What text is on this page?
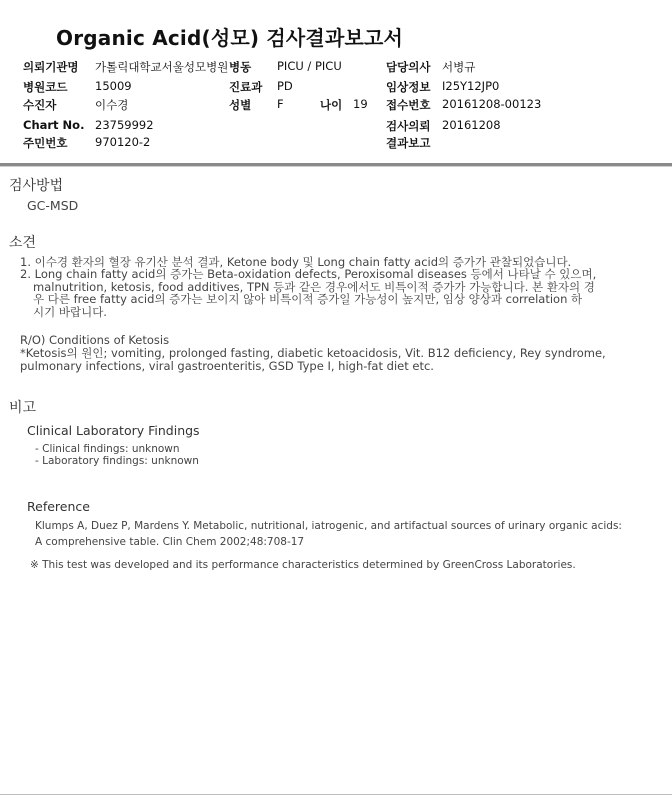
Organic Acid(성모) 검사결과보고서
의뢰기관명 가톨릭대학교서울성모병원 병동 PICU / PICU	담당의사 서병규
병원코드 15009	진료과 PD	임상정보 I25Y12JP0
수진자	이수경	성별 F	나이 19 접수번호 20161208-00123
Chart No. 23759992	검사의뢰 20161208
주민번호 970120-2	결과보고
검사방법
GC-MSD
소견
1. 이수경 환자의 혈장 유기산 분석 결과, Ketone body 및 Long chain fatty acid의 증가가 관찰되었습니다.
2. Long chain fatty acid의 증가는 Beta-oxidation defects, Peroxisomal diseases 등에서 나타날 수 있으며,
malnutrition, ketosis, food additives, TPN 등과 같은 경우에서도 비특이적 증가가 가능합니다. 본 환자의 경
우 다른 free fatty acid의 증가는 보이지 않아 비특이적 증가일 가능성이 높지만, 임상 양상과 correlation 하
시기 바랍니다.
R/O) Conditions of Ketosis
*Ketosis의 원인; vomiting, prolonged fasting, diabetic ketoacidosis, Vit. B12 deficiency, Rey syndrome,
pulmonary infections, viral gastroenteritis, GSD Type I, high-fat diet etc.
비고
Clinical Laboratory Findings
- Clinical findings: unknown
- Laboratory findings: unknown
Reference
Klumps A, Duez P, Mardens Y. Metabolic, nutritional, iatrogenic, and artifactual sources of urinary organic acids:
A comprehensive table. Clin Chem 2002;48:708-17
※ This test was developed and its performance characteristics determined by GreenCross Laboratories.
